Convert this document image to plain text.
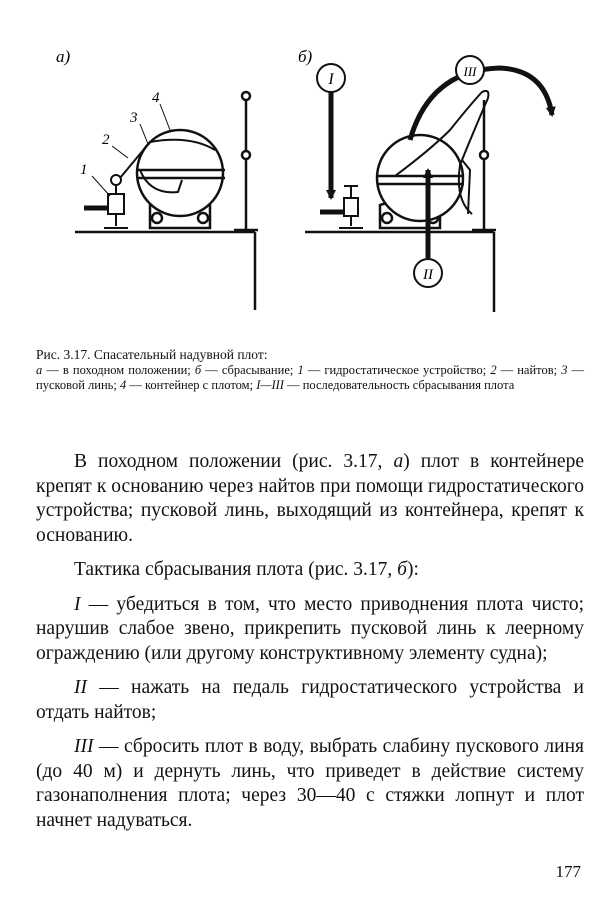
а)
1
2
3
4
б)
I
II
III
Рис. 3.17. Спасательный надувной плот:
а — в походном положении; б — сбрасывание; 1 — гидростатическое устройство; 2 — найтов; 3 — пусковой линь; 4 — контейнер с плотом; I—III — последовательность сбрасывания плота

В походном положении (рис. 3.17, а) плот в контейнере крепят к основанию через найтов при помощи гидростатического устройства; пусковой линь, выходящий из контейнера, крепят к основанию.

Тактика сбрасывания плота (рис. 3.17, б):

I — убедиться в том, что место приводнения плота чисто; нарушив слабое звено, прикрепить пусковой линь к леерному ограждению (или другому конструктивному элементу судна);

II — нажать на педаль гидростатического устройства и отдать найтов;

III — сбросить плот в воду, выбрать слабину пускового линя (до 40 м) и дернуть линь, что приведет в действие систему газонаполнения плота; через 30—40 с стяжки лопнут и плот начнет надуваться.

177
